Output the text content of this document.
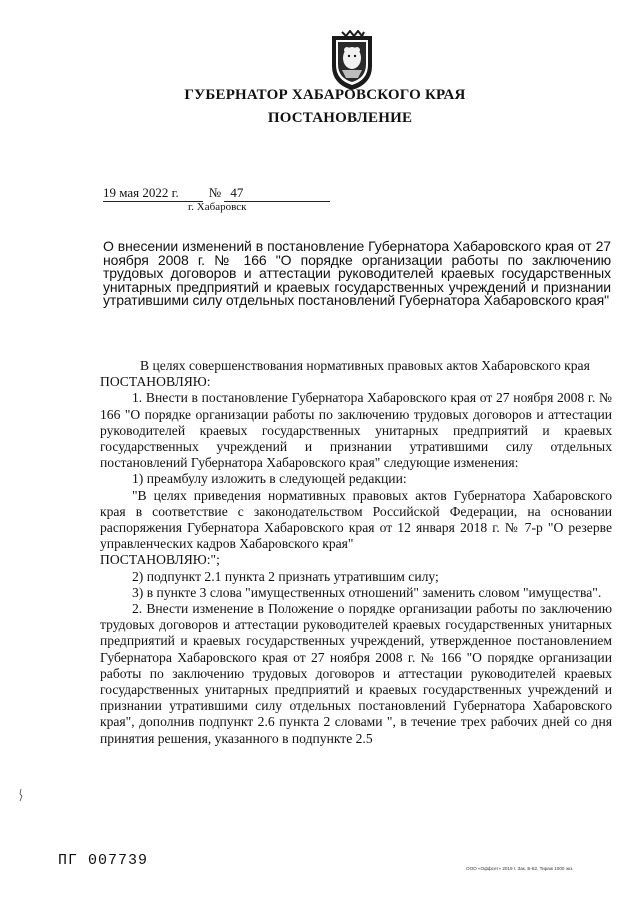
ГУБЕРНАТОР ХАБАРОВСКОГО КРАЯ
ПОСТАНОВЛЕНИЕ
19 мая 2022 г. № 47
г. Хабаровск
О внесении изменений в постановление Губернатора Хабаровского края от 27 ноября 2008 г. № 166 "О порядке организации работы по заключению трудовых договоров и аттестации руководителей краевых государственных унитарных предприятий и краевых государственных учреждений и признании утратившими силу отдельных постановлений Губернатора Хабаровского края"

В целях совершенствования нормативных правовых актов Хабаровского края

ПОСТАНОВЛЯЮ:

1. Внести в постановление Губернатора Хабаровского края от 27 ноября 2008 г. № 166 "О порядке организации работы по заключению трудовых договоров и аттестации руководителей краевых государственных унитарных предприятий и краевых государственных учреждений и признании утратившими силу отдельных постановлений Губернатора Хабаровского края" следующие изменения:

1) преамбулу изложить в следующей редакции:

"В целях приведения нормативных правовых актов Губернатора Хабаровского края в соответствие с законодательством Российской Федерации, на основании распоряжения Губернатора Хабаровского края от 12 января 2018 г. № 7-р "О резерве управленческих кадров Хабаровского края"

ПОСТАНОВЛЯЮ:";

2) подпункт 2.1 пункта 2 признать утратившим силу;

3) в пункте 3 слова "имущественных отношений" заменить словом "имущества".

2. Внести изменение в Положение о порядке организации работы по заключению трудовых договоров и аттестации руководителей краевых государственных унитарных предприятий и краевых государственных учреждений, утвержденное постановлением Губернатора Хабаровского края от 27 ноября 2008 г. № 166 "О порядке организации работы по заключению трудовых договоров и аттестации руководителей краевых государственных унитарных предприятий и краевых государственных учреждений и признании утратившими силу отдельных постановлений Губернатора Хабаровского края", дополнив подпункт 2.6 пункта 2 словами ", в течение трех рабочих дней со дня принятия решения, указанного в подпункте 2.5

ПГ 007739	ООО «Оффсет» 2019 г. Зак. Б-82. Тираж 1000 экз.
